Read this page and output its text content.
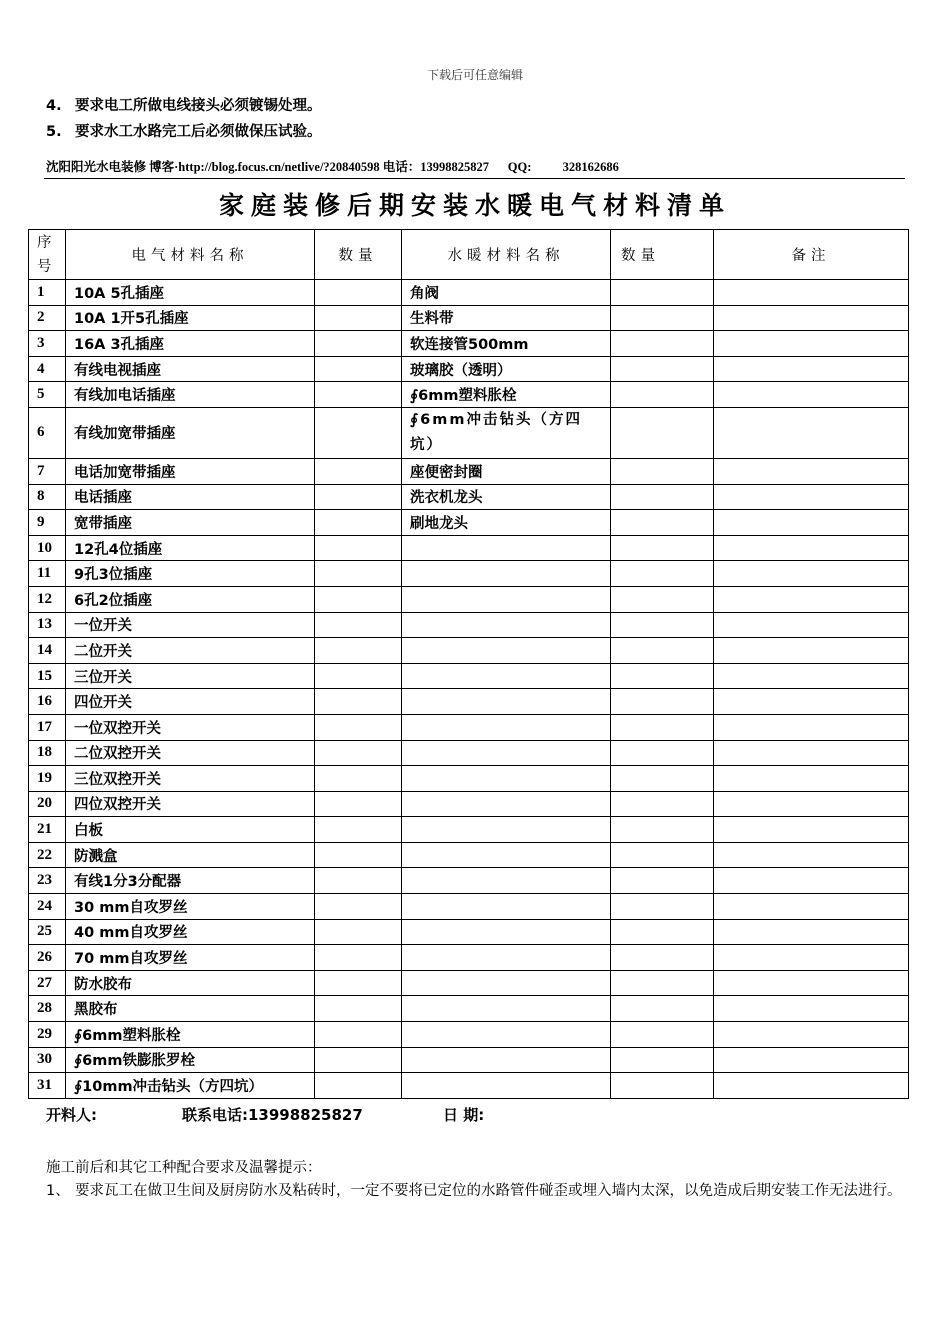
下载后可任意编辑
4. 要求电工所做电线接头必须镀锡处理。
5. 要求水工水路完工后必须做保压试验。
沈阳阳光水电装修 博客·http://blog.focus.cn/netlive/?20840598 电话：13998825827      QQ:          328162686
家庭装修后期安装水暖电气材料清单
序
号	电气材料名称	数量	水暖材料名称	数量	备注
1	10A 5孔插座		角阀		
2	10A 1开5孔插座		生料带		
3	16A 3孔插座		软连接管500mm		
4	有线电视插座		玻璃胶（透明）		
5	有线加电话插座		∮6mm塑料胀栓		
6	有线加宽带插座		∮6mm冲击钻头（方四坑）		
7	电话加宽带插座		座便密封圈		
8	电话插座		洗衣机龙头		
9	宽带插座		刷地龙头		
10	12孔4位插座				
11	9孔3位插座				
12	6孔2位插座				
13	一位开关				
14	二位开关				
15	三位开关				
16	四位开关				
17	一位双控开关				
18	二位双控开关				
19	三位双控开关				
20	四位双控开关				
21	白板				
22	防溅盒				
23	有线1分3分配器				
24	30 mm自攻罗丝				
25	40 mm自攻罗丝				
26	70 mm自攻罗丝				
27	防水胶布				
28	黑胶布				
29	∮6mm塑料胀栓				
30	∮6mm铁膨胀罗栓				
31	∮10mm冲击钻头（方四坑）				
开料人:	联系电话:13998825827	日 期:
施工前后和其它工种配合要求及温馨提示：
1、 要求瓦工在做卫生间及厨房防水及粘砖时，一定不要将已定位的水路管件碰歪或埋入墙内太深，以免造成后期安装工作无法进行。
